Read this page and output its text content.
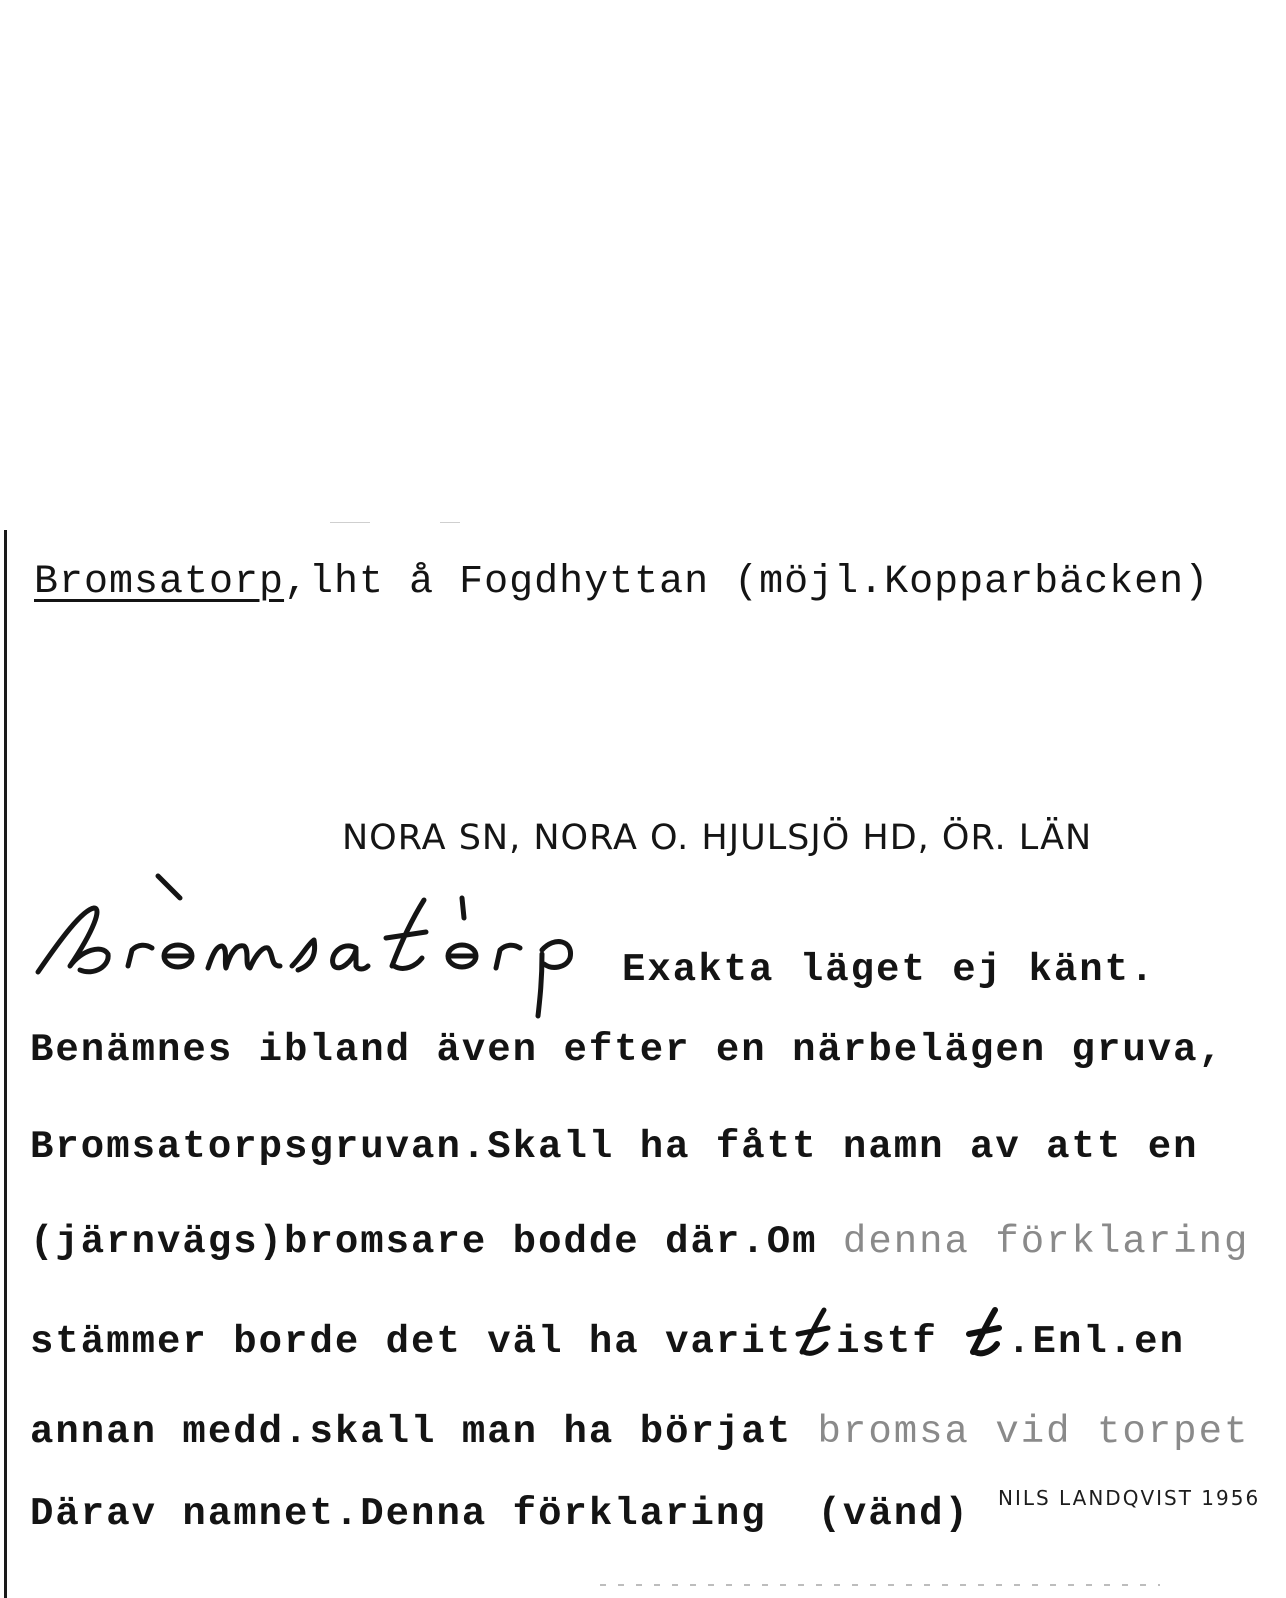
Bromsatorp,lht å Fogdhyttan (möjl.Kopparbäcken)
NORA SN, NORA O. HJULSJÖ HD, ÖR. LÄN
Exakta läget ej känt.
Benämnes ibland även efter en närbelägen gruva,
Bromsatorpsgruvan.Skall ha fått namn av att en
(järnvägs)bromsare bodde där.Om denna förklaring
stämmer borde det väl ha varit istf .Enl.en
annan medd.skall man ha börjat bromsa vid torpet
Därav namnet.Denna förklaring (vänd) NILS LANDQVIST 1956
